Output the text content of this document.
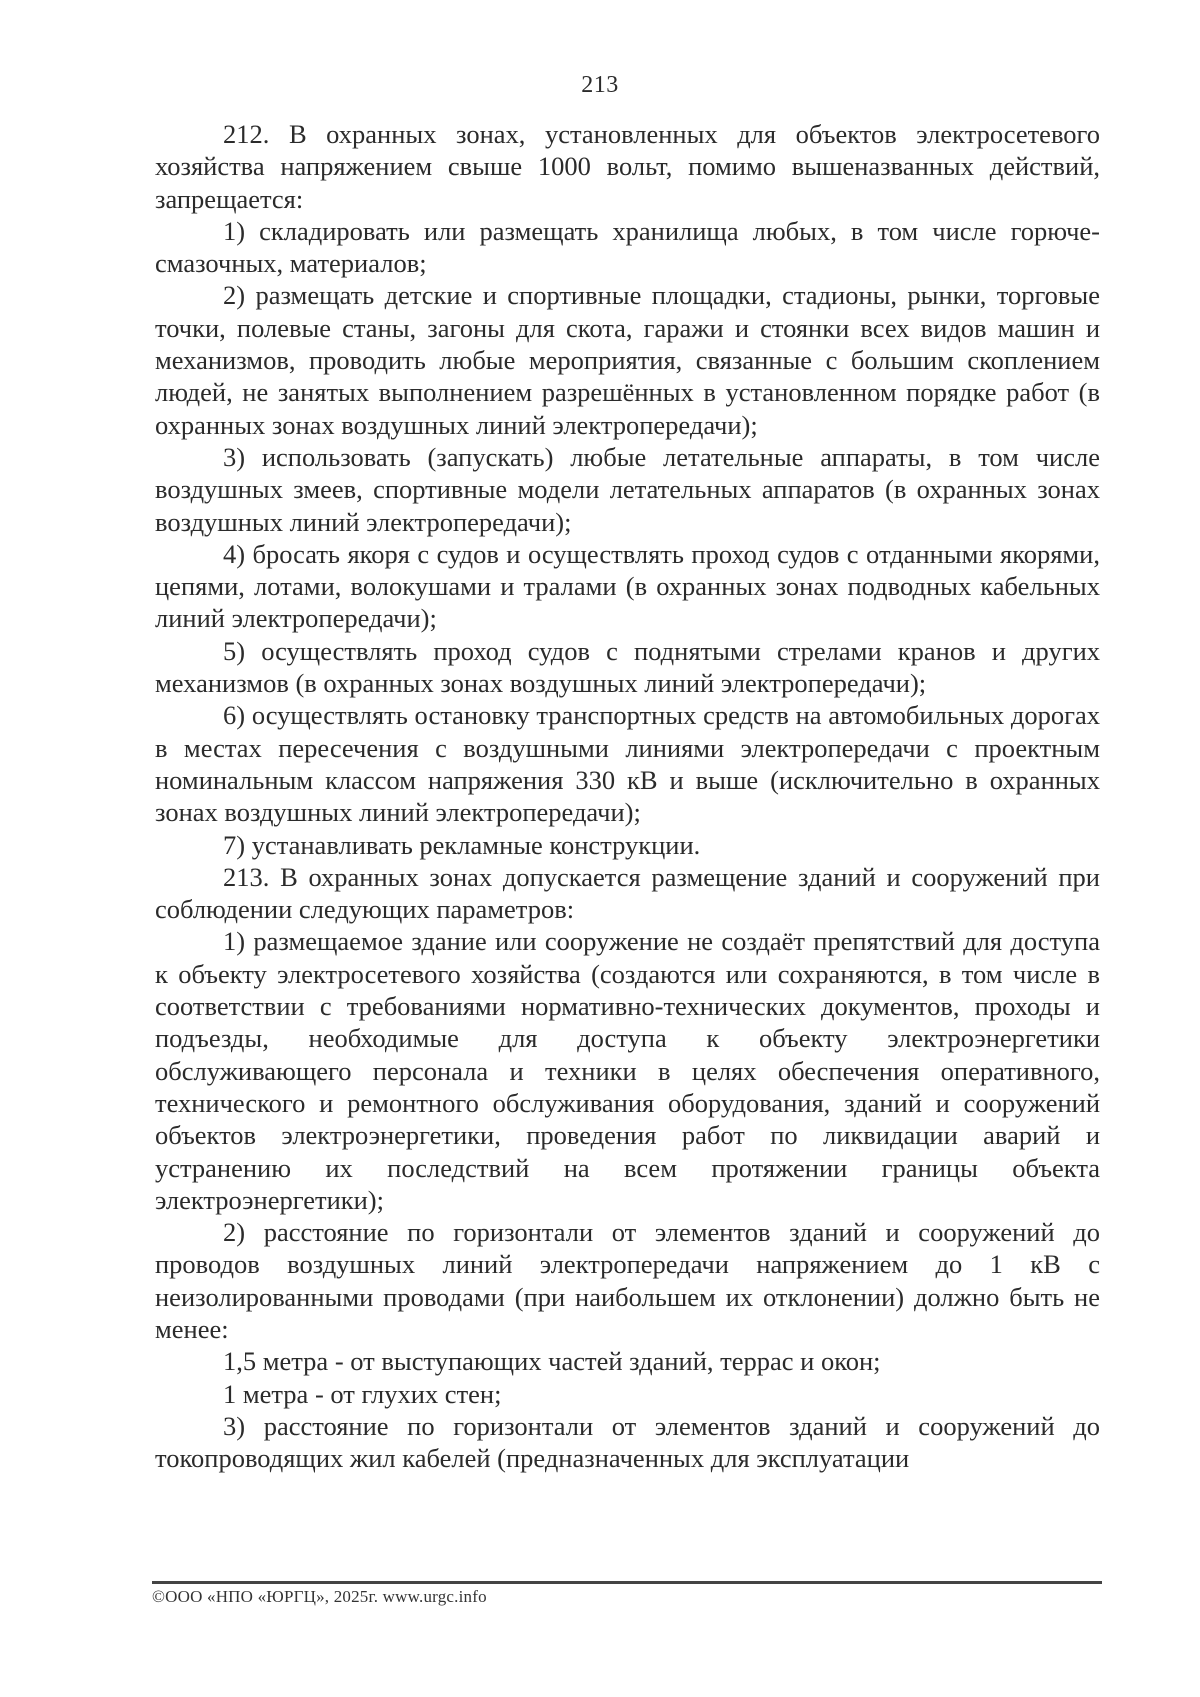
213

212. В охранных зонах, установленных для объектов электросетевого хозяйства напряжением свыше 1000 вольт, помимо вышеназванных действий, запрещается:

1) складировать или размещать хранилища любых, в том числе горюче-смазочных, материалов;

2) размещать детские и спортивные площадки, стадионы, рынки, торговые точки, полевые станы, загоны для скота, гаражи и стоянки всех видов машин и механизмов, проводить любые мероприятия, связанные с большим скоплением людей, не занятых выполнением разрешённых в установленном порядке работ (в охранных зонах воздушных линий электропередачи);

3) использовать (запускать) любые летательные аппараты, в том числе воздушных змеев, спортивные модели летательных аппаратов (в охранных зонах воздушных линий электропередачи);

4) бросать якоря с судов и осуществлять проход судов с отданными якорями, цепями, лотами, волокушами и тралами (в охранных зонах подводных кабельных линий электропередачи);

5) осуществлять проход судов с поднятыми стрелами кранов и других механизмов (в охранных зонах воздушных линий электропередачи);

6) осуществлять остановку транспортных средств на автомобильных дорогах в местах пересечения с воздушными линиями электропередачи с проектным номинальным классом напряжения 330 кВ и выше (исключительно в охранных зонах воздушных линий электропередачи);

7) устанавливать рекламные конструкции.

213. В охранных зонах допускается размещение зданий и сооружений при соблюдении следующих параметров:

1) размещаемое здание или сооружение не создаёт препятствий для доступа к объекту электросетевого хозяйства (создаются или сохраняются, в том числе в соответствии с требованиями нормативно-технических документов, проходы и подъезды, необходимые для доступа к объекту электроэнергетики обслуживающего персонала и техники в целях обеспечения оперативного, технического и ремонтного обслуживания оборудования, зданий и сооружений объектов электроэнергетики, проведения работ по ликвидации аварий и устранению их последствий на всем протяжении границы объекта электроэнергетики);

2) расстояние по горизонтали от элементов зданий и сооружений до проводов воздушных линий электропередачи напряжением до 1 кВ с неизолированными проводами (при наибольшем их отклонении) должно быть не менее:

1,5 метра - от выступающих частей зданий, террас и окон;

1 метра - от глухих стен;

3) расстояние по горизонтали от элементов зданий и сооружений до токопроводящих жил кабелей (предназначенных для эксплуатации

©ООО «НПО «ЮРГЦ», 2025г. www.urgc.info
